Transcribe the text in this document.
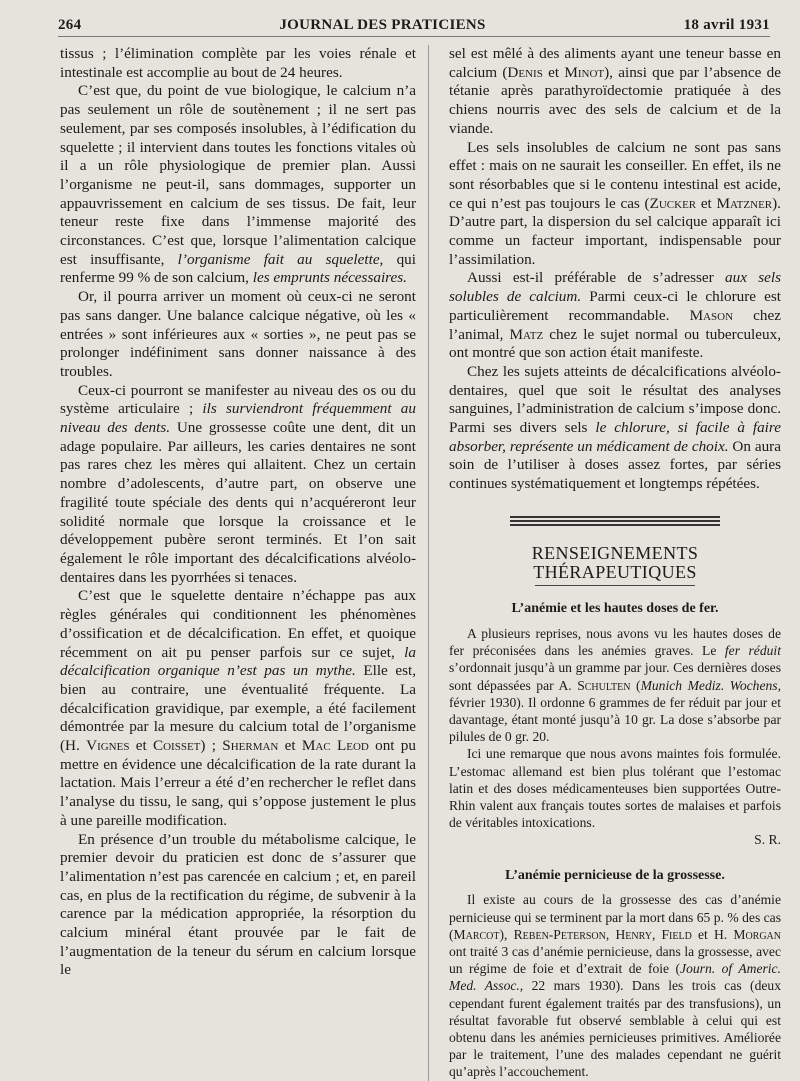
264	JOURNAL DES PRATICIENS	18 avril 1931

tissus ; l’élimination complète par les voies rénale et intestinale est accomplie au bout de 24 heures.

C’est que, du point de vue biologique, le calcium n’a pas seulement un rôle de soutènement ; il ne sert pas seulement, par ses composés insolubles, à l’édification du squelette ; il intervient dans toutes les fonctions vitales où il a un rôle physiologique de premier plan. Aussi l’organisme ne peut-il, sans dommages, supporter un appauvrissement en calcium de ses tissus. De fait, leur teneur reste fixe dans l’immense majorité des circonstances. C’est que, lorsque l’alimentation calcique est insuffisante, l’organisme fait au squelette, qui renferme 99 % de son calcium, les emprunts nécessaires.

Or, il pourra arriver un moment où ceux-ci ne seront pas sans danger. Une balance calcique négative, où les « entrées » sont inférieures aux « sorties », ne peut pas se prolonger indéfiniment sans donner naissance à des troubles.

Ceux-ci pourront se manifester au niveau des os ou du système articulaire ; ils surviendront fréquemment au niveau des dents. Une grossesse coûte une dent, dit un adage populaire. Par ailleurs, les caries dentaires ne sont pas rares chez les mères qui allaitent. Chez un certain nombre d’adolescents, d’autre part, on observe une fragilité toute spéciale des dents qui n’acquéreront leur solidité normale que lorsque la croissance et le développement pubère seront terminés. Et l’on sait également le rôle important des décalcifications alvéolo-dentaires dans les pyorrhées si tenaces.

C’est que le squelette dentaire n’échappe pas aux règles générales qui conditionnent les phénomènes d’ossification et de décalcification. En effet, et quoique récemment on ait pu penser parfois sur ce sujet, la décalcification organique n’est pas un mythe. Elle est, bien au contraire, une éventualité fréquente. La décalcification gravidique, par exemple, a été facilement démontrée par la mesure du calcium total de l’organisme (H. Vignes et Coisset) ; Sherman et Mac Leod ont pu mettre en évidence une décalcification de la rate durant la lactation. Mais l’erreur a été d’en rechercher le reflet dans l’analyse du tissu, le sang, qui s’oppose justement le plus à une pareille modification.

En présence d’un trouble du métabolisme calcique, le premier devoir du praticien est donc de s’assurer que l’alimentation n’est pas carencée en calcium ; et, en pareil cas, en plus de la rectification du régime, de subvenir à la carence par la médication appropriée, la résorption du calcium minéral étant prouvée par le fait de l’augmentation de la teneur du sérum en calcium lorsque le

sel est mêlé à des aliments ayant une teneur basse en calcium (Denis et Minot), ainsi que par l’absence de tétanie après parathyroïdectomie pratiquée à des chiens nourris avec des sels de calcium et de la viande.

Les sels insolubles de calcium ne sont pas sans effet : mais on ne saurait les conseiller. En effet, ils ne sont résorbables que si le contenu intestinal est acide, ce qui n’est pas toujours le cas (Zucker et Matzner). D’autre part, la dispersion du sel calcique apparaît ici comme un facteur important, indispensable pour l’assimilation.

Aussi est-il préférable de s’adresser aux sels solubles de calcium. Parmi ceux-ci le chlorure est particulièrement recommandable. Mason chez l’animal, Matz chez le sujet normal ou tuberculeux, ont montré que son action était manifeste.

Chez les sujets atteints de décalcifications alvéolo-dentaires, quel que soit le résultat des analyses sanguines, l’administration de calcium s’impose donc. Parmi ses divers sels le chlorure, si facile à faire absorber, représente un médicament de choix. On aura soin de l’utiliser à doses assez fortes, par séries continues systématiquement et longtemps répétées.

RENSEIGNEMENTS THÉRAPEUTIQUES
L’anémie et les hautes doses de fer.

A plusieurs reprises, nous avons vu les hautes doses de fer préconisées dans les anémies graves. Le fer réduit s’ordonnait jusqu’à un gramme par jour. Ces dernières doses sont dépassées par A. Schulten (Munich Mediz. Wochens, février 1930). Il ordonne 6 grammes de fer réduit par jour et davantage, étant monté jusqu’à 10 gr. La dose s’absorbe par pilules de 0 gr. 20.

Ici une remarque que nous avons maintes fois formulée. L’estomac allemand est bien plus tolérant que l’estomac latin et des doses médicamenteuses bien supportées Outre-Rhin valent aux français toutes sortes de malaises et parfois de véritables intoxications.

S. R.

L’anémie pernicieuse de la grossesse.

Il existe au cours de la grossesse des cas d’anémie pernicieuse qui se terminent par la mort dans 65 p. % des cas (Marcot), Reben-Peterson, Henry, Field et H. Morgan ont traité 3 cas d’anémie pernicieuse, dans la grossesse, avec un régime de foie et d’extrait de foie (Journ. of Americ. Med. Assoc., 22 mars 1930). Dans les trois cas (deux cependant furent également traités par des transfusions), un résultat favorable fut observé semblable à celui qui est obtenu dans les anémies pernicieuses primitives. Améliorée par le traitement, l’une des malades cependant ne guérit qu’après l’accouchement.
